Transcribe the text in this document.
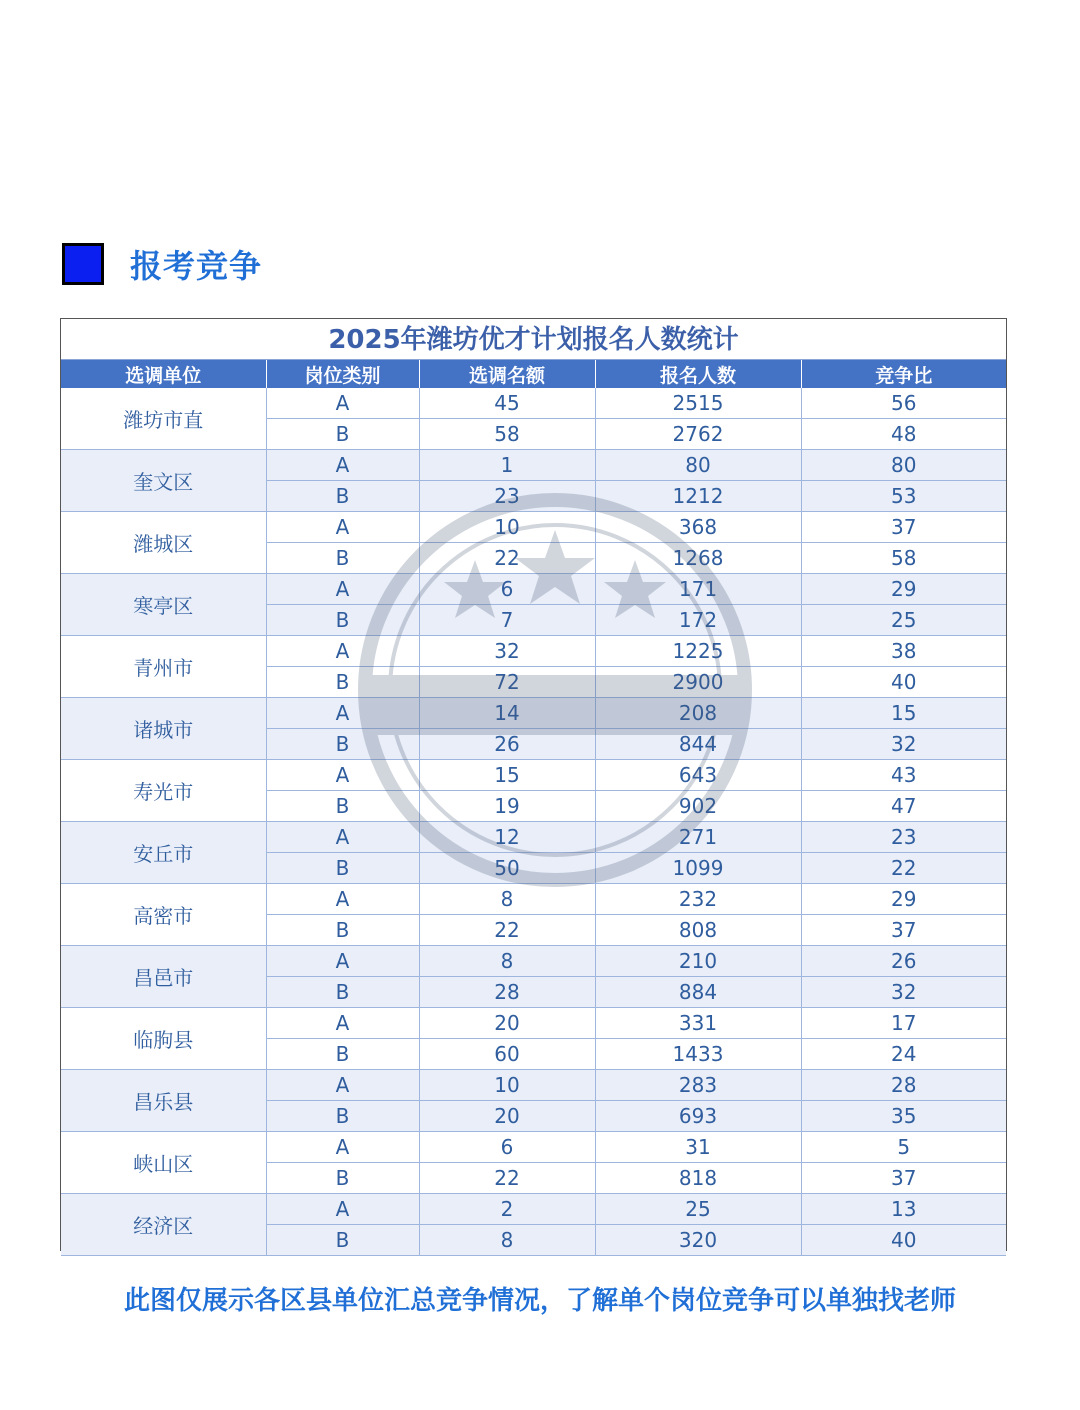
报考竞争
2025年潍坊优才计划报名人数统计
选调单位	岗位类别	选调名额	报名人数	竞争比
潍坊市直	A	45	2515	56
	B	58	2762	48
奎文区	A	1	80	80
	B	23	1212	53
潍城区	A	10	368	37
	B	22	1268	58
寒亭区	A	6	171	29
	B	7	172	25
青州市	A	32	1225	38
	B	72	2900	40
诸城市	A	14	208	15
	B	26	844	32
寿光市	A	15	643	43
	B	19	902	47
安丘市	A	12	271	23
	B	50	1099	22
高密市	A	8	232	29
	B	22	808	37
昌邑市	A	8	210	26
	B	28	884	32
临朐县	A	20	331	17
	B	60	1433	24
昌乐县	A	10	283	28
	B	20	693	35
峡山区	A	6	31	5
	B	22	818	37
经济区	A	2	25	13
	B	8	320	40
此图仅展示各区县单位汇总竞争情况，了解单个岗位竞争可以单独找老师
